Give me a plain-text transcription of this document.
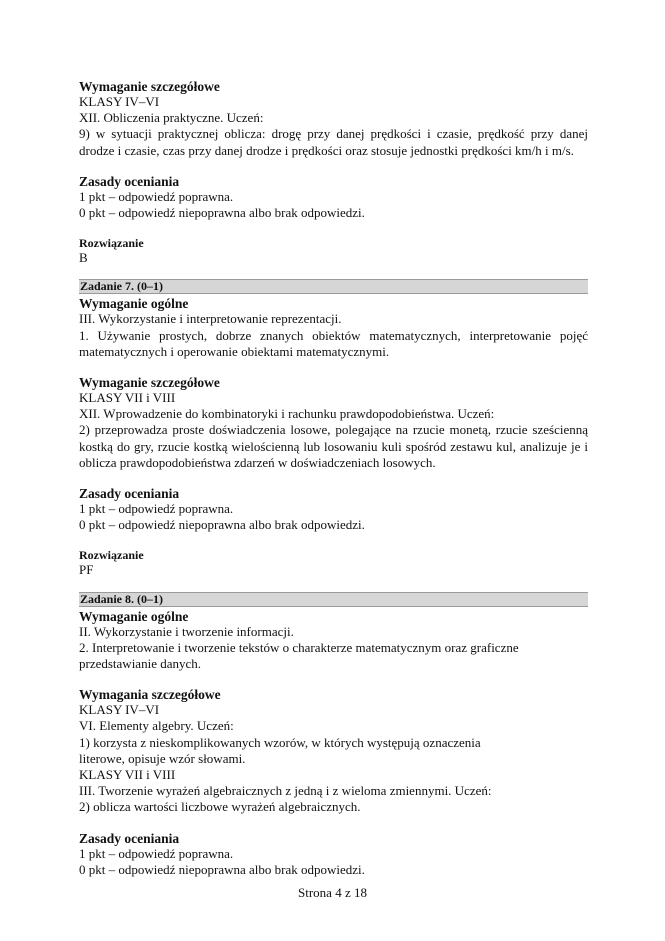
Wymaganie szczegółowe
KLASY IV–VI
XII. Obliczenia praktyczne. Uczeń:
9) w sytuacji praktycznej oblicza: drogę przy danej prędkości i czasie, prędkość przy danej drodze i czasie, czas przy danej drodze i prędkości oraz stosuje jednostki prędkości km/h i m/s.
Zasady oceniania
1 pkt – odpowiedź poprawna.
0 pkt – odpowiedź niepoprawna albo brak odpowiedzi.
Rozwiązanie
B
Zadanie 7. (0–1)
Wymaganie ogólne
III. Wykorzystanie i interpretowanie reprezentacji.
1. Używanie prostych, dobrze znanych obiektów matematycznych, interpretowanie pojęć matematycznych i operowanie obiektami matematycznymi.
Wymaganie szczegółowe
KLASY VII i VIII
XII. Wprowadzenie do kombinatoryki i rachunku prawdopodobieństwa. Uczeń:
2) przeprowadza proste doświadczenia losowe, polegające na rzucie monetą, rzucie sześcienną kostką do gry, rzucie kostką wielościenną lub losowaniu kuli spośród zestawu kul, analizuje je i oblicza prawdopodobieństwa zdarzeń w doświadczeniach losowych.
Zasady oceniania
1 pkt – odpowiedź poprawna.
0 pkt – odpowiedź niepoprawna albo brak odpowiedzi.
Rozwiązanie
PF
Zadanie 8. (0–1)
Wymaganie ogólne
II. Wykorzystanie i tworzenie informacji.
2. Interpretowanie i tworzenie tekstów o charakterze matematycznym oraz graficzne przedstawianie danych.
Wymagania szczegółowe
KLASY IV–VI
VI. Elementy algebry. Uczeń:
1) korzysta z nieskomplikowanych wzorów, w których występują oznaczenia
literowe, opisuje wzór słowami.
KLASY VII i VIII
III. Tworzenie wyrażeń algebraicznych z jedną i z wieloma zmiennymi. Uczeń:
2) oblicza wartości liczbowe wyrażeń algebraicznych.
Zasady oceniania
1 pkt – odpowiedź poprawna.
0 pkt – odpowiedź niepoprawna albo brak odpowiedzi.
Strona 4 z 18
